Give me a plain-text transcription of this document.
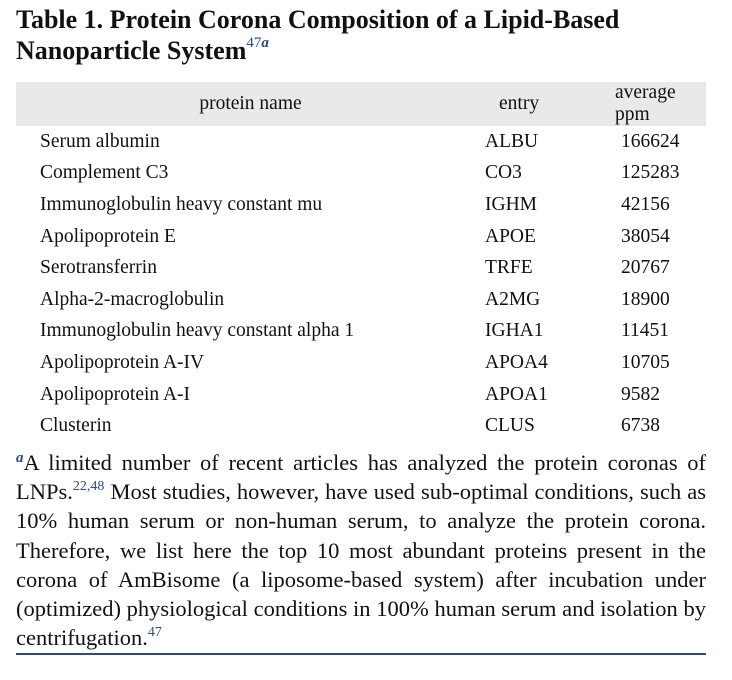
Table 1. Protein Corona Composition of a Lipid-Based Nanoparticle System$^{47a}$
protein name	entry	average ppm
Serum albumin	ALBU	166624
Complement C3	CO3	125283
Immunoglobulin heavy constant mu	IGHM	42156
Apolipoprotein E	APOE	38054
Serotransferrin	TRFE	20767
Alpha-2-macroglobulin	A2MG	18900
Immunoglobulin heavy constant alpha 1	IGHA1	11451
Apolipoprotein A-IV	APOA4	10705
Apolipoprotein A-I	APOA1	9582
Clusterin	CLUS	6738

$^a$A limited number of recent articles has analyzed the protein coronas of LNPs.$^{22,48}$ Most studies, however, have used sub-optimal conditions, such as 10% human serum or non-human serum, to analyze the protein corona. Therefore, we list here the top 10 most abundant proteins present in the corona of AmBisome (a liposome-based system) after incubation under (optimized) physiological conditions in 100% human serum and isolation by centrifugation.$^{47}$
